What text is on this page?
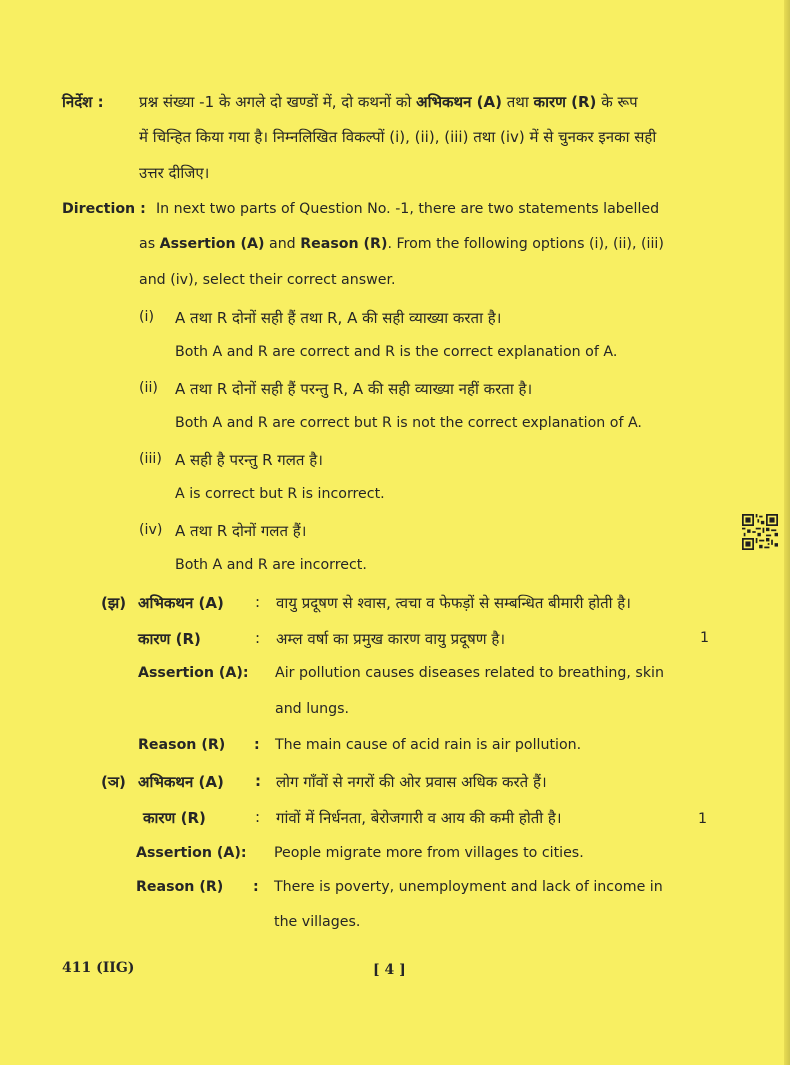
निर्देश : प्रश्न संख्या -1 के अगले दो खण्डों में, दो कथनों को अभिकथन (A) तथा कारण (R) के रूप
में चिन्हित किया गया है। निम्नलिखित विकल्पों (i), (ii), (iii) तथा (iv) में से चुनकर इनका सही
उत्तर दीजिए।
Direction : In next two parts of Question No. -1, there are two statements labelled
as Assertion (A) and Reason (R). From the following options (i), (ii), (iii)
and (iv), select their correct answer.
(i) A तथा R दोनों सही हैं तथा R, A की सही व्याख्या करता है।
Both A and R are correct and R is the correct explanation of A.
(ii) A तथा R दोनों सही हैं परन्तु R, A की सही व्याख्या नहीं करता है।
Both A and R are correct but R is not the correct explanation of A.
(iii) A सही है परन्तु R गलत है।
A is correct but R is incorrect.
(iv) A तथा R दोनों गलत हैं।
Both A and R are incorrect.
(झ) अभिकथन (A) : वायु प्रदूषण से श्वास, त्वचा व फेफड़ों से सम्बन्धित बीमारी होती है।
कारण (R)	: अम्ल वर्षा का प्रमुख कारण वायु प्रदूषण है।	1
Assertion (A): Air pollution causes diseases related to breathing, skin
and lungs.
Reason (R) : The main cause of acid rain is air pollution.
(ञ) अभिकथन (A) : लोग गाँवों से नगरों की ओर प्रवास अधिक करते हैं।
कारण (R)	: गांवों में निर्धनता, बेरोजगारी व आय की कमी होती है।	1
Assertion (A): People migrate more from villages to cities.
Reason (R) : There is poverty, unemployment and lack of income in
the villages.
411 (IIG)	[ 4 ]
